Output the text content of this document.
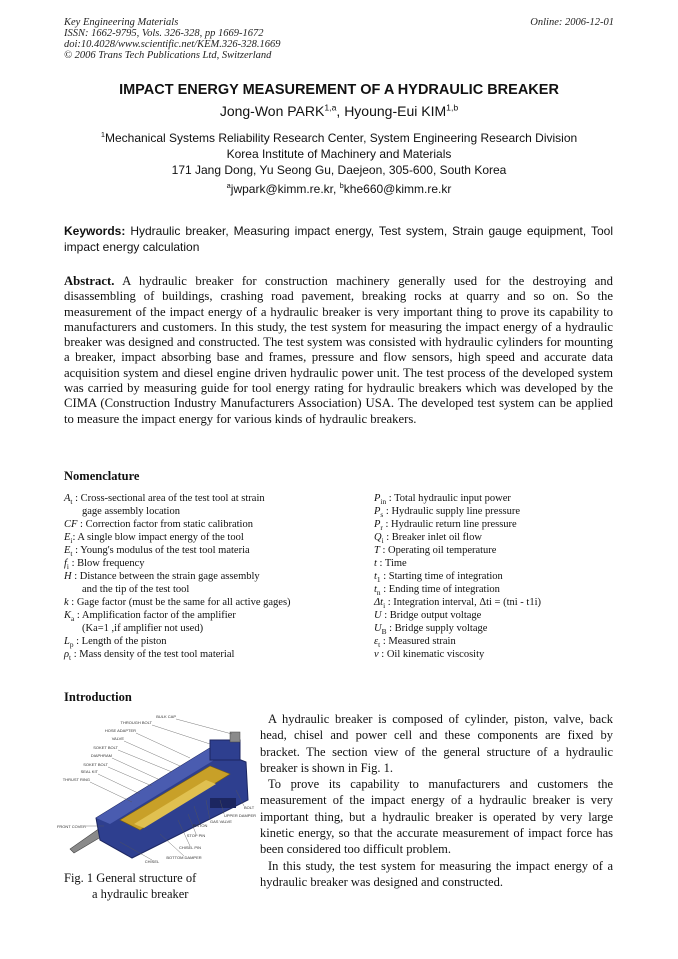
Key Engineering Materials
ISSN: 1662-9795, Vols. 326-328, pp 1669-1672
doi:10.4028/www.scientific.net/KEM.326-328.1669
© 2006 Trans Tech Publications Ltd, Switzerland
Online: 2006-12-01
IMPACT ENERGY MEASUREMENT OF A HYDRAULIC BREAKER
Jong-Won PARK$^{1,a}$, Hyoung-Eui KIM$^{1,b}$
$^1$Mechanical Systems Reliability Research Center, System Engineering Research Division
Korea Institute of Machinery and Materials
171 Jang Dong, Yu Seong Gu, Daejeon, 305-600, South Korea
$^a$jwpark@kimm.re.kr, $^b$khe660@kimm.re.kr
Keywords: Hydraulic breaker, Measuring impact energy, Test system, Strain gauge equipment, Tool impact energy calculation
Abstract. A hydraulic breaker for construction machinery generally used for the destroying and disassembling of buildings, crashing road pavement, breaking rocks at quarry and so on. So the measurement of the impact energy of a hydraulic breaker is very important thing to prove its capability to manufacturers and customers. In this study, the test system for measuring the impact energy of a hydraulic breaker was designed and constructed. The test system was consisted with hydraulic cylinders for mounting a breaker, impact absorbing base and frames, pressure and flow sensors, high speed and accurate data acquisition system and diesel engine driven hydraulic power unit. The test process of the developed system was carried by measuring guide for tool energy rating for hydraulic breakers which was developed by the CIMA (Construction Industry Manufacturers Association) USA. The developed test system can be applied to measure the impact energy for various kinds of hydraulic breakers.
Nomenclature
$A_t$ : Cross-sectional area of the test tool at strain
gage assembly location
CF : Correction factor from static calibration
$E_i$: A single blow impact energy of the tool
$E_t$ : Young's modulus of the test tool materia
$f_i$ : Blow frequency
H : Distance between the strain gage assembly
and the tip of the test tool
k : Gage factor (must be the same for all active gages)
$K_a$ : Amplification factor of the amplifier
(Ka=1 ,if amplifier not used)
$L_p$ : Length of the piston
$\rho_t$ : Mass density of the test tool material
$P_{in}$ : Total hydraulic input power
$P_s$ : Hydraulic supply line pressure
$P_r$ : Hydraulic return line pressure
$Q_i$ : Breaker inlet oil flow
T : Operating oil temperature
t : Time
$t_1$ : Starting time of integration
$t_n$ : Ending time of integration
$\Delta t_i$ : Integration interval, Δti = (tni - t1i)
U : Bridge output voltage
$U_B$ : Bridge supply voltage
$\varepsilon_t$ : Measured strain
ν : Oil kinematic viscosity
Introduction
BULK CAP
THROUGH BOLT
HOSE ADAPTER
VALVE
SOKET BOLT
DIAPHRAM
SOKET BOLT
SEAL KIT
THRUST RING
FRONT COVER
CHISEL
BOTTOM DAMPER
CHISEL PIN
STOP PIN
PISTON
GAS VALVE
UPPER DAMPER
BOLT
Fig. 1 General structure of
a hydraulic breaker
A hydraulic breaker is composed of cylinder, piston, valve, back head, chisel and power cell and these components are fixed by bracket. The section view of the general structure of a hydraulic breaker is shown in Fig. 1.
To prove its capability to manufacturers and customers the measurement of the impact energy of a hydraulic breaker is very important thing, but a hydraulic breaker is operated by very large kinetic energy, so that the accurate measurement of impact force has been considered too difficult problem.
In this study, the test system for measuring the impact energy of a hydraulic breaker was designed and constructed.
